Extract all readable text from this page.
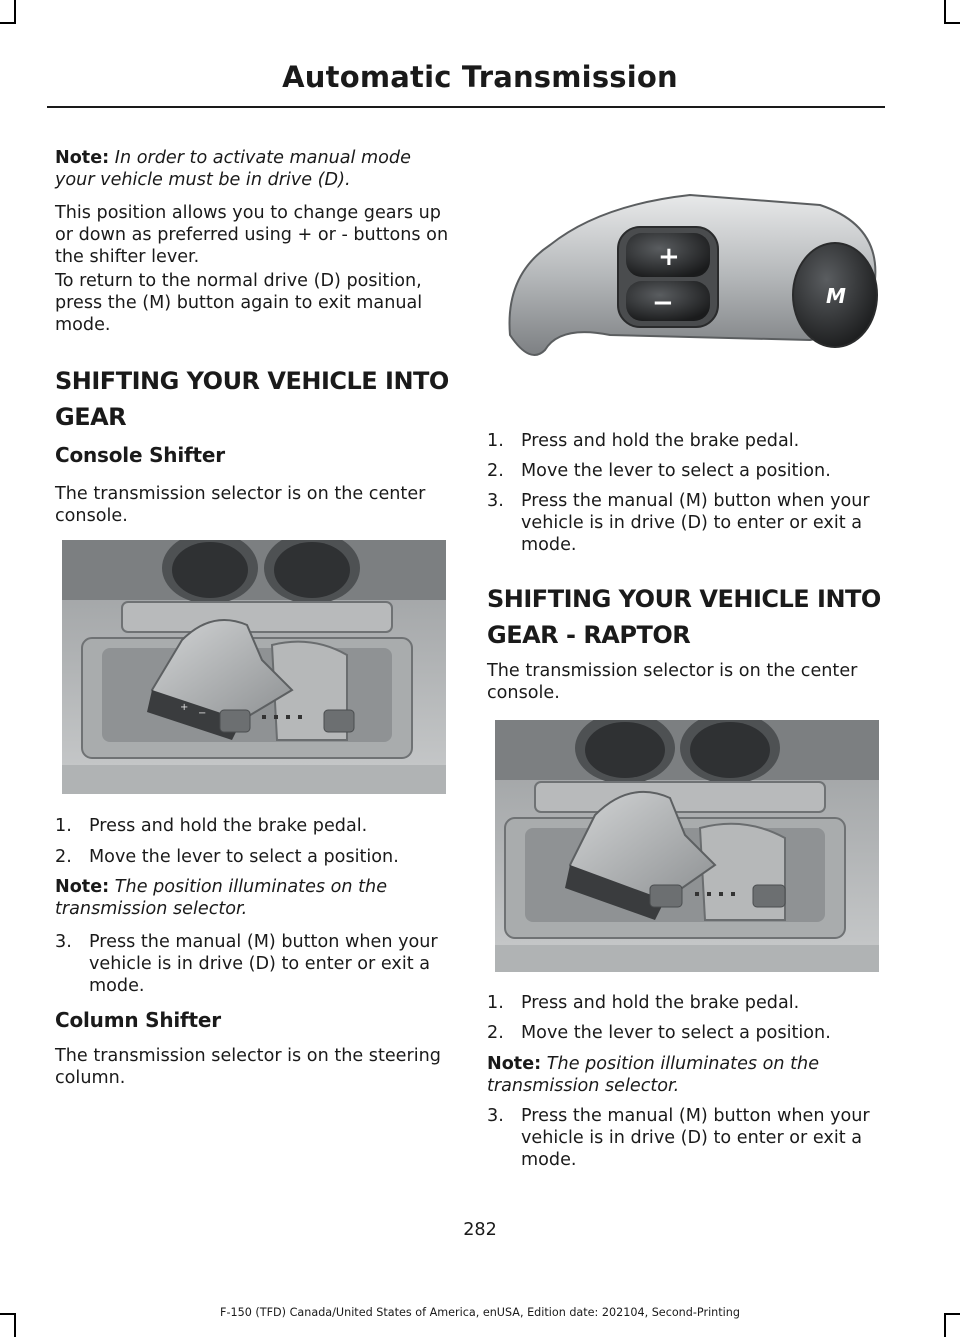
Automatic Transmission

Note: In order to activate manual mode your vehicle must be in drive (D).

This position allows you to change gears up or down as preferred using + or - buttons on the shifter lever.

To return to the normal drive (D) position, press the (M) button again to exit manual mode.

SHIFTING YOUR VEHICLE INTO
GEAR
Console Shifter

The transmission selector is on the center console.

1. Press and hold the brake pedal.
2. Move the lever to select a position.

Note: The position illuminates on the transmission selector.

3. Press the manual (M) button when your vehicle is in drive (D) to enter or exit a mode.
Column Shifter

The transmission selector is on the steering column.

+
−
1. Press and hold the brake pedal.
2. Move the lever to select a position.
3. Press the manual (M) button when your vehicle is in drive (D) to enter or exit a mode.
SHIFTING YOUR VEHICLE INTO
GEAR - RAPTOR

The transmission selector is on the center console.

1. Press and hold the brake pedal.
2. Move the lever to select a position.

Note: The position illuminates on the transmission selector.

3. Press the manual (M) button when your vehicle is in drive (D) to enter or exit a mode.
+
−	M
282
F-150 (TFD) Canada/United States of America, enUSA, Edition date: 202104, Second-Printing
